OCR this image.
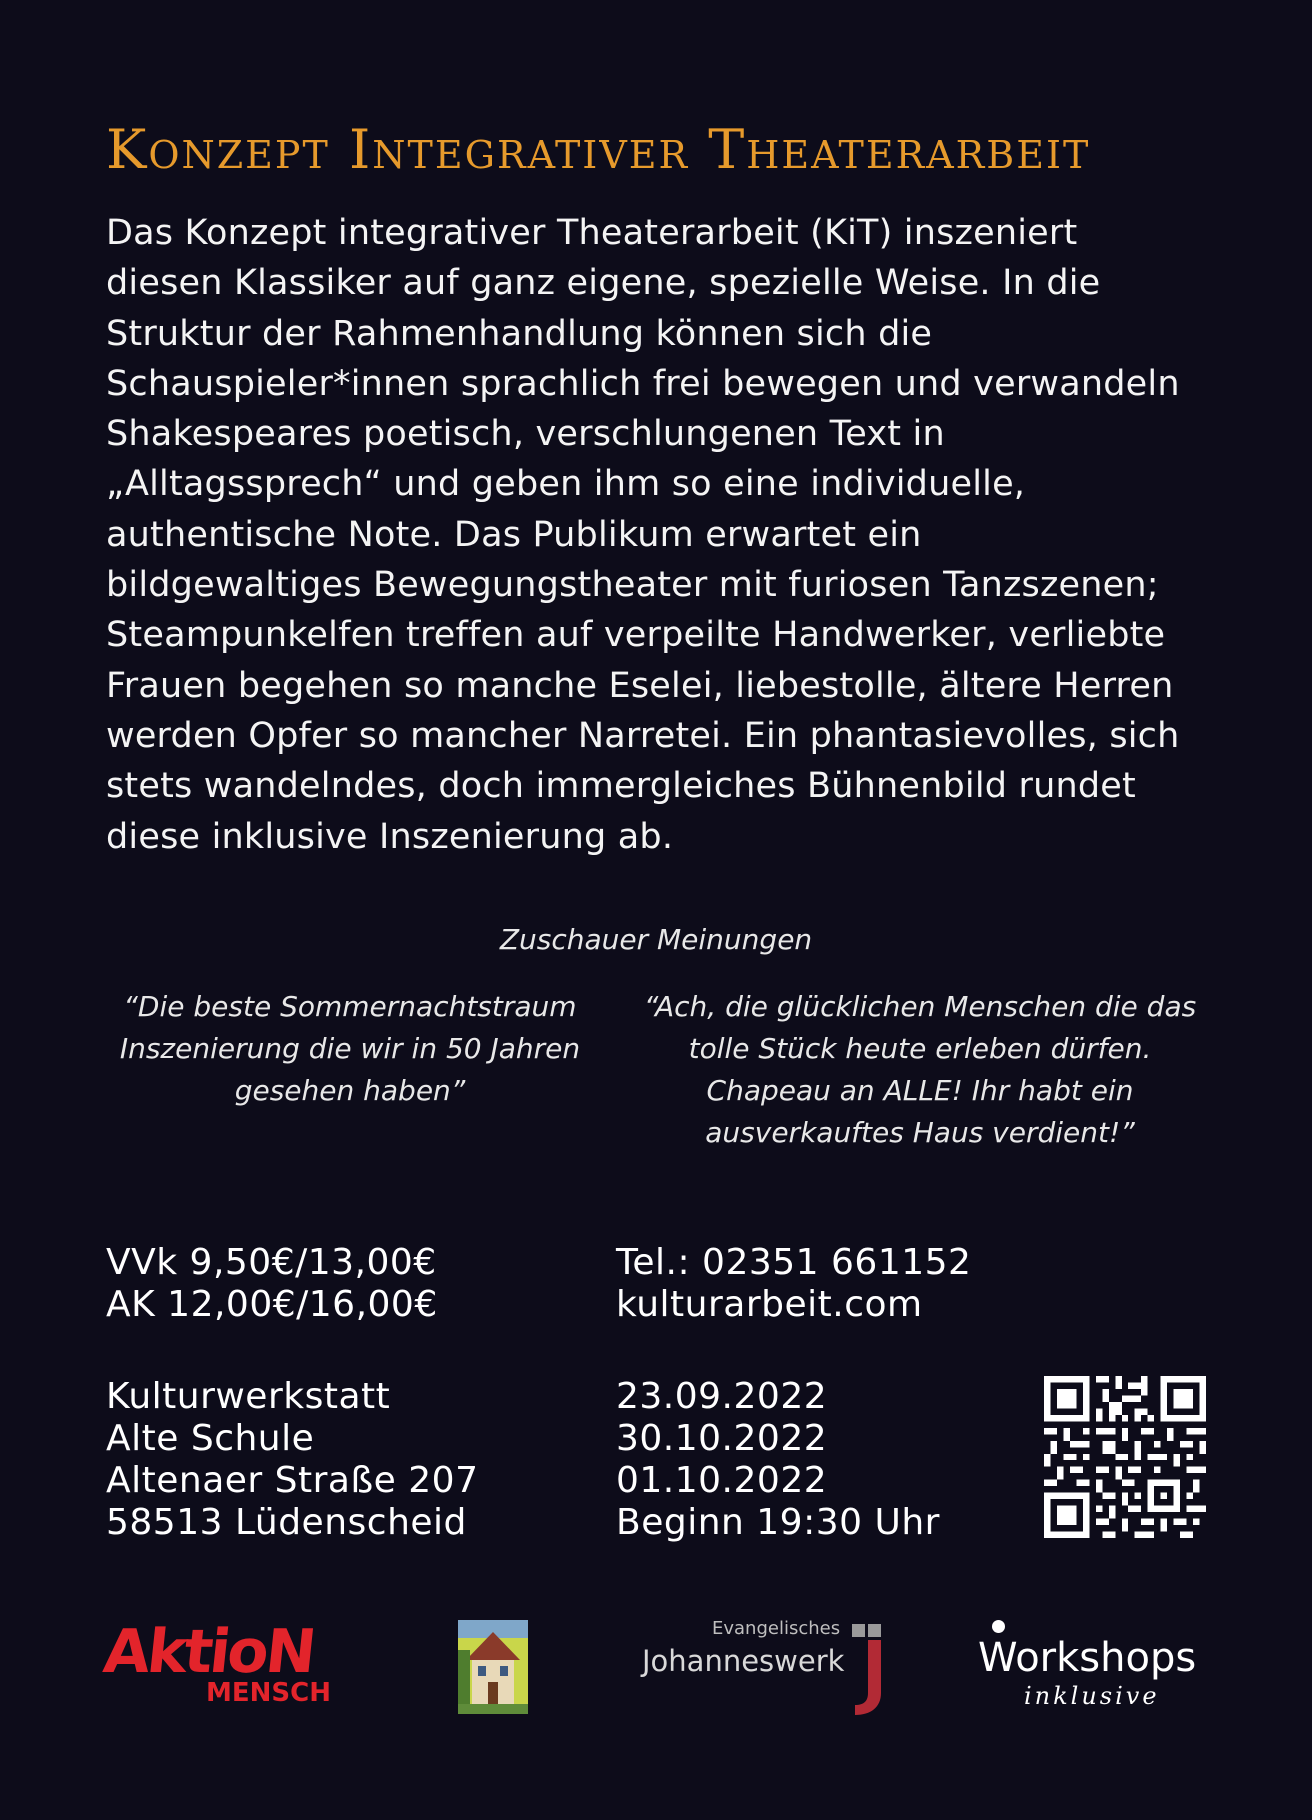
Konzept Integrativer Theaterarbeit
Das Konzept integrativer Theaterarbeit (KiT) inszeniert
diesen Klassiker auf ganz eigene, spezielle Weise. In die
Struktur der Rahmenhandlung können sich die
Schauspieler*innen sprachlich frei bewegen und verwandeln
Shakespeares poetisch, verschlungenen Text in
„Alltagssprech“ und geben ihm so eine individuelle,
authentische Note. Das Publikum erwartet ein
bildgewaltiges Bewegungstheater mit furiosen Tanzszenen;
Steampunkelfen treffen auf verpeilte Handwerker, verliebte
Frauen begehen so manche Eselei, liebestolle, ältere Herren
werden Opfer so mancher Narretei. Ein phantasievolles, sich
stets wandelndes, doch immergleiches Bühnenbild rundet
diese inklusive Inszenierung ab.
Zuschauer Meinungen
“Die beste Sommernachtstraum
Inszenierung die wir in 50 Jahren
gesehen haben”
“Ach, die glücklichen Menschen die das
tolle Stück heute erleben dürfen.
Chapeau an ALLE! Ihr habt ein
ausverkauftes Haus verdient!”
VVk 9,50€/13,00€
AK 12,00€/16,00€
Tel.: 02351 661152
kulturarbeit.com
Kulturwerkstatt
Alte Schule
Altenaer Straße 207
58513 Lüdenscheid
23.09.2022
30.10.2022
01.10.2022
Beginn 19:30 Uhr
AktioN
MENSCH
Evangelisches
Johanneswerk	Workshops
inklusive
